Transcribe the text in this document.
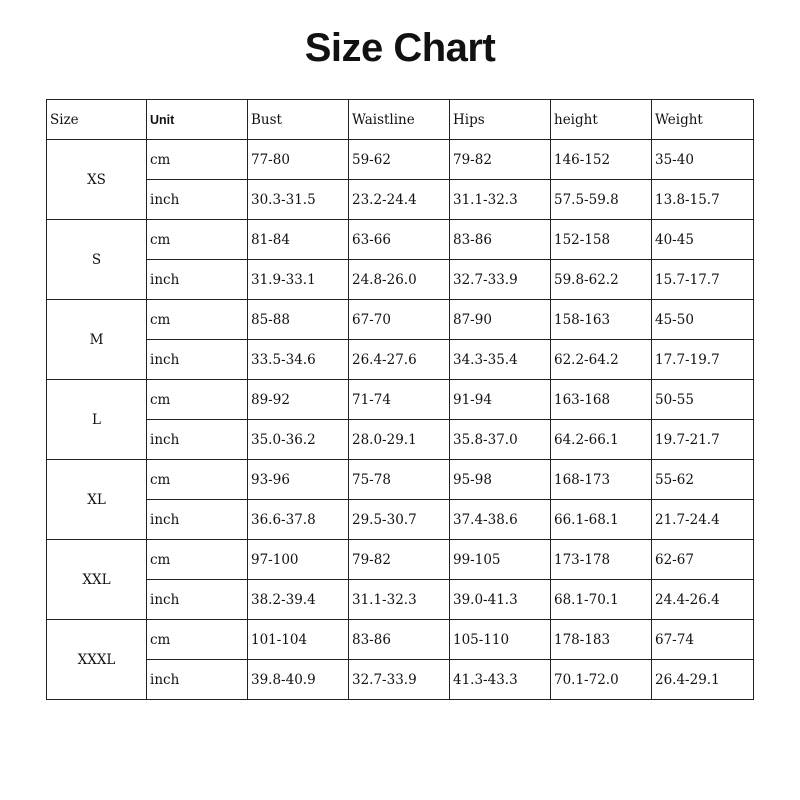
Size Chart
Size	Unit	Bust	Waistline	Hips	height	Weight
XS	cm	77-80	59-62	79-82	146-152	35-40
	inch	30.3-31.5	23.2-24.4	31.1-32.3	57.5-59.8	13.8-15.7
S	cm	81-84	63-66	83-86	152-158	40-45
	inch	31.9-33.1	24.8-26.0	32.7-33.9	59.8-62.2	15.7-17.7
M	cm	85-88	67-70	87-90	158-163	45-50
	inch	33.5-34.6	26.4-27.6	34.3-35.4	62.2-64.2	17.7-19.7
L	cm	89-92	71-74	91-94	163-168	50-55
	inch	35.0-36.2	28.0-29.1	35.8-37.0	64.2-66.1	19.7-21.7
XL	cm	93-96	75-78	95-98	168-173	55-62
	inch	36.6-37.8	29.5-30.7	37.4-38.6	66.1-68.1	21.7-24.4
XXL	cm	97-100	79-82	99-105	173-178	62-67
	inch	38.2-39.4	31.1-32.3	39.0-41.3	68.1-70.1	24.4-26.4
XXXL	cm	101-104	83-86	105-110	178-183	67-74
	inch	39.8-40.9	32.7-33.9	41.3-43.3	70.1-72.0	26.4-29.1
